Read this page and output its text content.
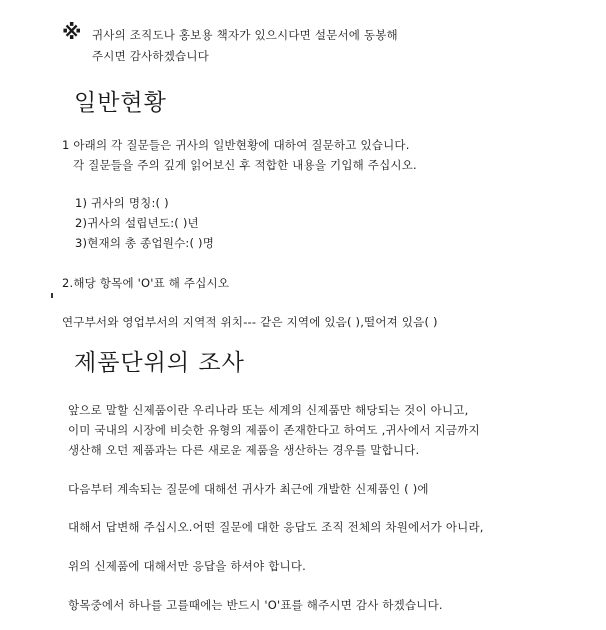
※ 귀사의 조직도나 홍보용 책자가 있으시다면 설문서에 동봉해
주시면 감사하겠습니다
일반현황
1 아래의 각 질문들은 귀사의 일반현황에 대하여 질문하고 있습니다.
각 질문들을 주의 깊게 읽어보신 후 적합한 내용을 기입해 주십시오.
1) 귀사의 명칭:( )
2)귀사의 설립년도:( )년
3)현재의 총 종업원수:( )명
2.해당 항목에 'O'표 해 주십시오
연구부서와 영업부서의 지역적 위치--- 같은 지역에 있음( ),떨어져 있음( )
제품단위의 조사
앞으로 말할 신제품이란 우리나라 또는 세계의 신제품만 해당되는 것이 아니고,
이미 국내의 시장에 비슷한 유형의 제품이 존재한다고 하여도 ,귀사에서 지금까지
생산해 오던 제품과는 다른 새로운 제품을 생산하는 경우를 말합니다.
다음부터 계속되는 질문에 대해선 귀사가 최근에 개발한 신제품인 ( )에
대해서 답변해 주십시오.어떤 질문에 대한 응답도 조직 전체의 차원에서가 아니라,
위의 신제품에 대해서만 응답을 하셔야 합니다.
항목중에서 하나를 고를때에는 반드시 'O'표를 해주시면 감사 하겠습니다.
